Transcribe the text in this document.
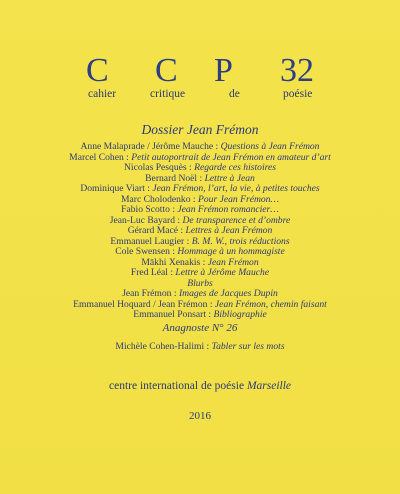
C C P 32
cahier	critique	de	poésie
Dossier Jean Frémon
Anne Malaprade / Jérôme Mauche : Questions à Jean Frémon
Marcel Cohen : Petit autoportrait de Jean Frémon en amateur d’art
Nicolas Pesquès : Regarde ces histoires
Bernard Noël : Lettre à Jean
Dominique Viart : Jean Frémon, l’art, la vie, à petites touches
Marc Cholodenko : Pour Jean Frémon…
Fabio Scotto : Jean Frémon romancier…
Jean-Luc Bayard : De transparence et d’ombre
Gérard Macé : Lettres à Jean Frémon
Emmanuel Laugier : B. M. W., trois réductions
Cole Swensen : Hommage à un hommagiste
Mākhi Xenakis : Jean Frémon
Fred Léal : Lettre à Jérôme Mauche
Blurbs
Jean Frémon : Images de Jacques Dupin
Emmanuel Hoquard / Jean Frémon : Jean Frémon, chemin faisant
Emmanuel Ponsart : Bibliographie
Anagnoste N° 26
Michèle Cohen-Halimi : Tabler sur les mots
centre international de poésie Marseille
2016
